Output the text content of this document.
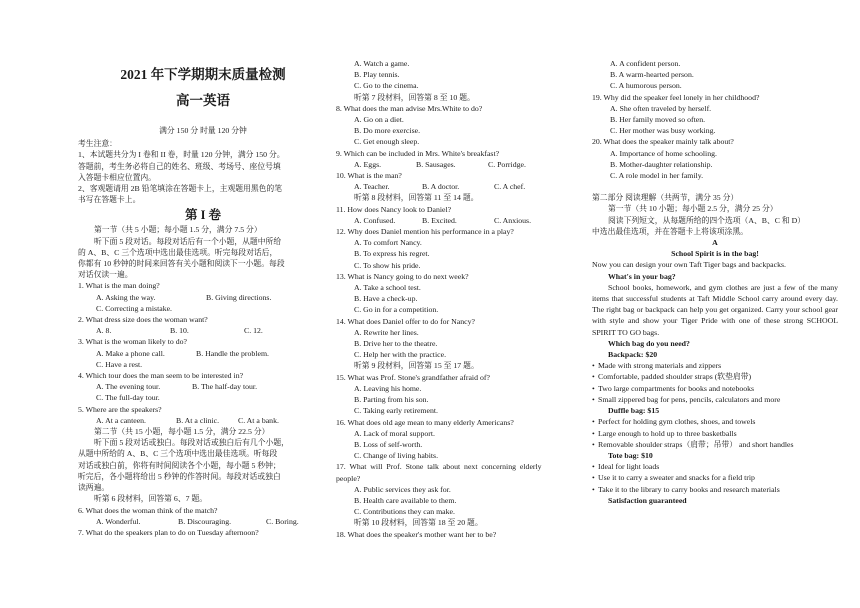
2021 年下学期期末质量检测
高一英语
满分 150 分 时量 120 分钟
考生注意：
1、本试题共分为 I 卷和 II 卷，时量 120 分钟，满分 150 分。
答题前，考生务必将自己的姓名、班级、考场号、座位号填
入答题卡相应位置内。
2、客观题请用 2B 铅笔填涂在答题卡上，主观题用黑色的笔
书写在答题卡上。
第 I 卷
第一节（共 5 小题；每小题 1.5 分，满分 7.5 分）
听下面 5 段对话。每段对话后有一个小题，从题中所给
的 A、B、C 三个选项中选出最佳选项。听完每段对话后，
你都有 10 秒钟的时间来回答有关小题和阅读下一小题。每段
对话仅读一遍。
1. What is the man doing?
A. Asking the way.	B. Giving directions.
C. Correcting a mistake.
2. What dress size does the woman want?
A. 8.	B. 10.	C. 12.
3. What is the woman likely to do?
A. Make a phone call.	B. Handle the problem.
C. Have a rest.
4. Which tour does the man seem to be interested in?
A. The evening tour.	B. The half-day tour.
C. The full-day tour.
5. Where are the speakers?
A. At a canteen.	B. At a clinic.	C. At a bank.
第二节（共 15 小题，每小题 1.5 分，满分 22.5 分）
听下面 5 段对话或独白。每段对话或独白后有几个小题，
从题中所给的 A、B、C 三个选项中选出最佳选项。听每段
对话或独白前，你将有时间阅读各个小题，每小题 5 秒钟；
听完后，各小题将给出 5 秒钟的作答时间。每段对话或独白
读两遍。
听第 6 段材料，回答第 6、7 题。
6. What does the woman think of the match?
A. Wonderful.	B. Discouraging.	C. Boring.
7. What do the speakers plan to do on Tuesday afternoon?
A. Watch a game.
B. Play tennis.
C. Go to the cinema.
听第 7 段材料，回答第 8 至 10 题。
8. What does the man advise Mrs.White to do?
A. Go on a diet.
B. Do more exercise.
C. Get enough sleep.
9. Which can be included in Mrs. White's breakfast?
A. Eggs.	B. Sausages.	C. Porridge.
10. What is the man?
A. Teacher.	B. A doctor.	C. A chef.
听第 8 段材料，回答第 11 至 14 题。
11. How does Nancy look to Daniel?
A. Confused.	B. Excited.	C. Anxious.
12. Why does Daniel mention his performance in a play?
A. To comfort Nancy.
B. To express his regret.
C. To show his pride.
13. What is Nancy going to do next week?
A. Take a school test.
B. Have a check-up.
C. Go in for a competition.
14. What does Daniel offer to do for Nancy?
A. Rewrite her lines.
B. Drive her to the theatre.
C. Help her with the practice.
听第 9 段材料，回答第 15 至 17 题。
15. What was Prof. Stone's grandfather afraid of?
A. Leaving his home.
B. Parting from his son.
C. Taking early retirement.
16. What does old age mean to many elderly Americans?
A. Lack of moral support.
B. Loss of self-worth.
C. Change of living habits.
17.  What  will  Prof.  Stone  talk  about  next  concerning  elderly
people?
A. Public services they ask for.
B. Health care available to them.
C. Contributions they can make.
听第 10 段材料，回答第 18 至 20 题。
18. What does the speaker's mother want her to be?
A. A confident person.
B. A warm-hearted person.
C. A humorous person.
19. Why did the speaker feel lonely in her childhood?
A. She often traveled by herself.
B. Her family moved so often.
C. Her mother was busy working.
20. What does the speaker mainly talk about?
A. Importance of home schooling.
B. Mother-daughter relationship.
C. A role model in her family.
第二部分 阅读理解（共两节，满分 35 分）
第一节（共 10 小题；每小题 2.5 分，满分 25 分）
阅读下列短文，从每题所给的四个选项（A、B、C 和 D）
中选出最佳选项，并在答题卡上将该项涂黑。
A
School Spirit is in the bag!
Now you can design your own Taft Tiger bags and backpacks.
What's in your bag?
School books, homework, and gym clothes are just a few of the many items that successful students at Taft Middle School carry around every day. The right bag or backpack can help you get organized. Carry your school gear with style and show your Tiger Pride with one of these strong SCHOOL SPIRIT TO GO bags.
Which bag do you need?
Backpack: $20
• Made with strong materials and zippers
• Comfortable, padded shoulder straps (软垫肩带)
• Two large compartments for books and notebooks
• Small zippered bag for pens, pencils, calculators and more
Duffle bag: $15
• Perfect for holding gym clothes, shoes, and towels
• Large enough to hold up to three basketballs
• Removable shoulder straps（肩带；吊带） and short handles
Tote bag: $10
• Ideal for light loads
• Use it to carry a sweater and snacks for a field trip
• Take it to the library to carry books and research materials
Satisfaction guaranteed
